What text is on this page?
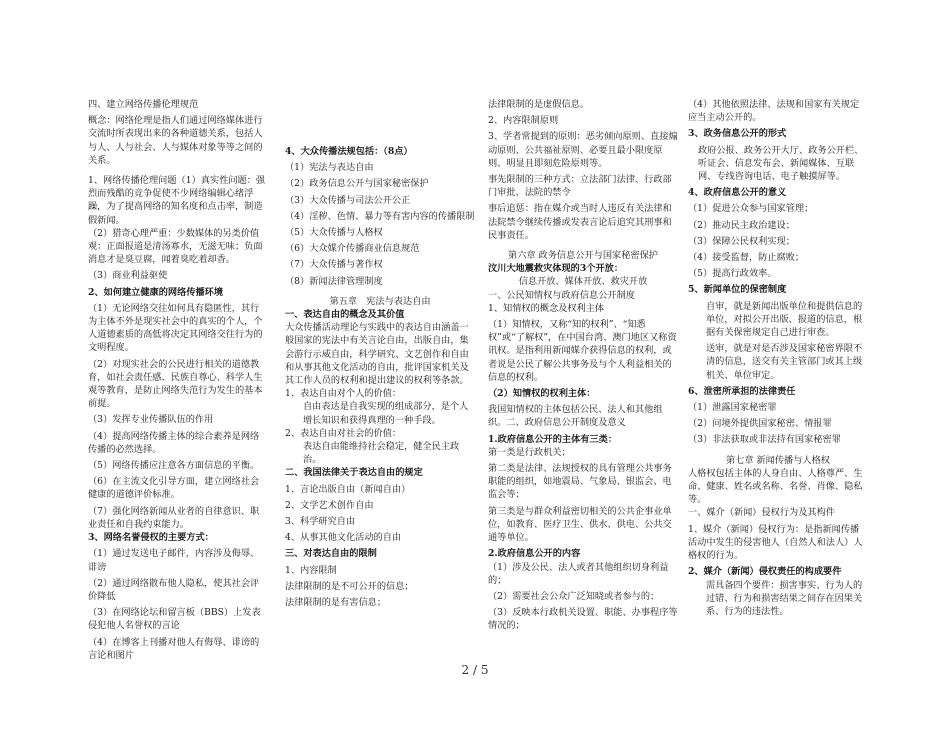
四、建立网络传播伦理规范

概念：网络伦理是指人们通过网络媒体进行交流时所表现出来的各种道德关系，包括人与人、人与社会、人与媒体对象等等之间的关系。

1、网络传播伦理问题（1）真实性问题：强烈而残酷的竞争促使不少网络编辑心绪浮躁，为了提高网络的知名度和点击率，制造假新闻。

（2）猎奇心理严重：少数媒体的另类价值观：正面报道是清汤寡水，无滋无味；负面消息才是臭豆腐，闻着臭吃着却香。

（3）商业利益驱使

2、如何建立健康的网络传播环境

（1）无论网络交往如何具有隐匿性，其行为主体不外是现实社会中的真实的个人，个人道德素质的高低将决定其网络交往行为的文明程度。

（2）对现实社会的公民进行相关的道德教育，如社会责任感、民族自尊心、科学人生观等教育，是防止网络失范行为发生的基本前提。

（3）发挥专业传播队伍的作用

（4）提高网络传播主体的综合素养是网络传播的必然选择。

（5）网络传播应注意各方面信息的平衡。

（6）在主流文化引导方面，建立网络社会健康的道德评价标准。

（7）强化网络新闻从业者的自律意识、职业责任和自我约束能力。

3、网络名誉侵权的主要方式：

（1）通过发送电子邮件，内容涉及侮辱、诽谤

（2）通过网络散布他人隐私，使其社会评价降低

（3）在网络论坛和留言板（BBS）上发表侵犯他人名誉权的言论

（4）在博客上刊播对他人有侮辱、诽谤的言论和图片

4、大众传播法规包括：（8点）

（1）宪法与表达自由

（2）政务信息公开与国家秘密保护

（3）大众传播与司法公开公正

（4）淫秽、色情、暴力等有害内容的传播限制

（5）大众传播与人格权

（6）大众媒介传播商业信息规范

（7）大众传播与著作权

（8）新闻法律管理制度

第五章　宪法与表达自由

一、表达自由的概念及其价值

大众传播活动理论与实践中的表达自由涵盖一般国家的宪法中有关言论自由，出版自由，集会游行示威自由，科学研究、文艺创作和自由和从事其他文化活动的自由，批评国家机关及其工作人员的权利和提出建议的权利等条款。

1、表达自由对个人的价值：

自由表达是自我实现的组成部分，是个人增长知识和获得真理的一种手段。

2、表达自由对社会的价值：

表达自由能维持社会稳定，健全民主政治。

二、我国法律关于表达自由的规定

1、言论出版自由（新闻自由）

2、文学艺术创作自由

3、科学研究自由

4、从事其他文化活动的自由

三、对表达自由的限制

1、内容限制

法律限制的是不可公开的信息；

法律限制的是有害信息；

法律限制的是虚假信息。

2、内容限制原则

3、学者常提到的原则：恶劣倾向原则、直接煽动原则、公共福祉原则、必要且最小限度原则、明显且即刻危险原则等。

事先限制的三种方式：立法部门法律、行政部门审批、法院的禁令

事后追惩：指在媒介或当时人违反有关法律和法院禁令继续传播或发表言论后追究其刑事和民事责任。

第六章 政务信息公开与国家秘密保护

汶川大地震救灾体现的3个开放：

信息开放、媒体开放、救灾开放

一、公民知情权与政府信息公开制度

1、知情权的概念及权利主体

（1）知情权，又称“知的权利”、“知悉权”或“了解权”，在中国台湾、澳门地区又称资讯权。是指利用新闻媒介获得信息的权利，或者说是公民了解公共事务及与个人利益相关的信息的权利。

（2）知情权的权利主体：

我国知情权的主体包括公民、法人和其他组织。二、政府信息公开制度及意义

1.政府信息公开的主体有三类：

第一类是行政机关；

第二类是法律、法规授权的具有管理公共事务职能的组织，如地震局、气象局、银监会、电监会等；

第三类是与群众利益密切相关的公共企事业单位，如教育、医疗卫生、供水、供电、公共交通等单位。

2.政府信息公开的内容

（1）涉及公民、法人或者其他组织切身利益的；

（2）需要社会公众广泛知晓或者参与的；

（3）反映本行政机关设置、职能、办事程序等情况的；

（4）其他依照法律、法规和国家有关规定应当主动公开的。

3、政务信息公开的形式

政府公报、政务公开大厅、政务公开栏、听证会、信息发布会、新闻媒体、互联网、专线咨询电话、电子触摸屏等。

4、政府信息公开的意义

（1）促进公众参与国家管理；

（2）推动民主政治建设；

（3）保障公民权利实现；

（4）接受监督，防止腐败；

（5）提高行政效率。

5、新闻单位的保密制度

自审，就是新闻出版单位和提供信息的单位，对拟公开出版、报道的信息，根据有关保密规定自己进行审查。

送审，就是对是否涉及国家秘密界限不清的信息，送交有关主管部门或其上级机关、单位审定。

6、泄密所承担的法律责任

（1）泄露国家秘密罪

（2）问境外提供国家秘密、情报罪

（3）非法获取或非法持有国家秘密罪

第七章 新闻传播与人格权

人格权包括主体的人身自由、人格尊严、生命、健康、姓名或名称、名誉、肖像、隐私等。

一、媒介（新闻）侵权行为及其构件

1、媒介（新闻）侵权行为：是指新闻传播活动中发生的侵害他人（自然人和法人）人格权的行为。

2、媒介（新闻）侵权责任的构成要件

需具备四个要件：损害事实、行为人的过错、行为和损害结果之间存在因果关系、行为的违法性。

2 / 5
